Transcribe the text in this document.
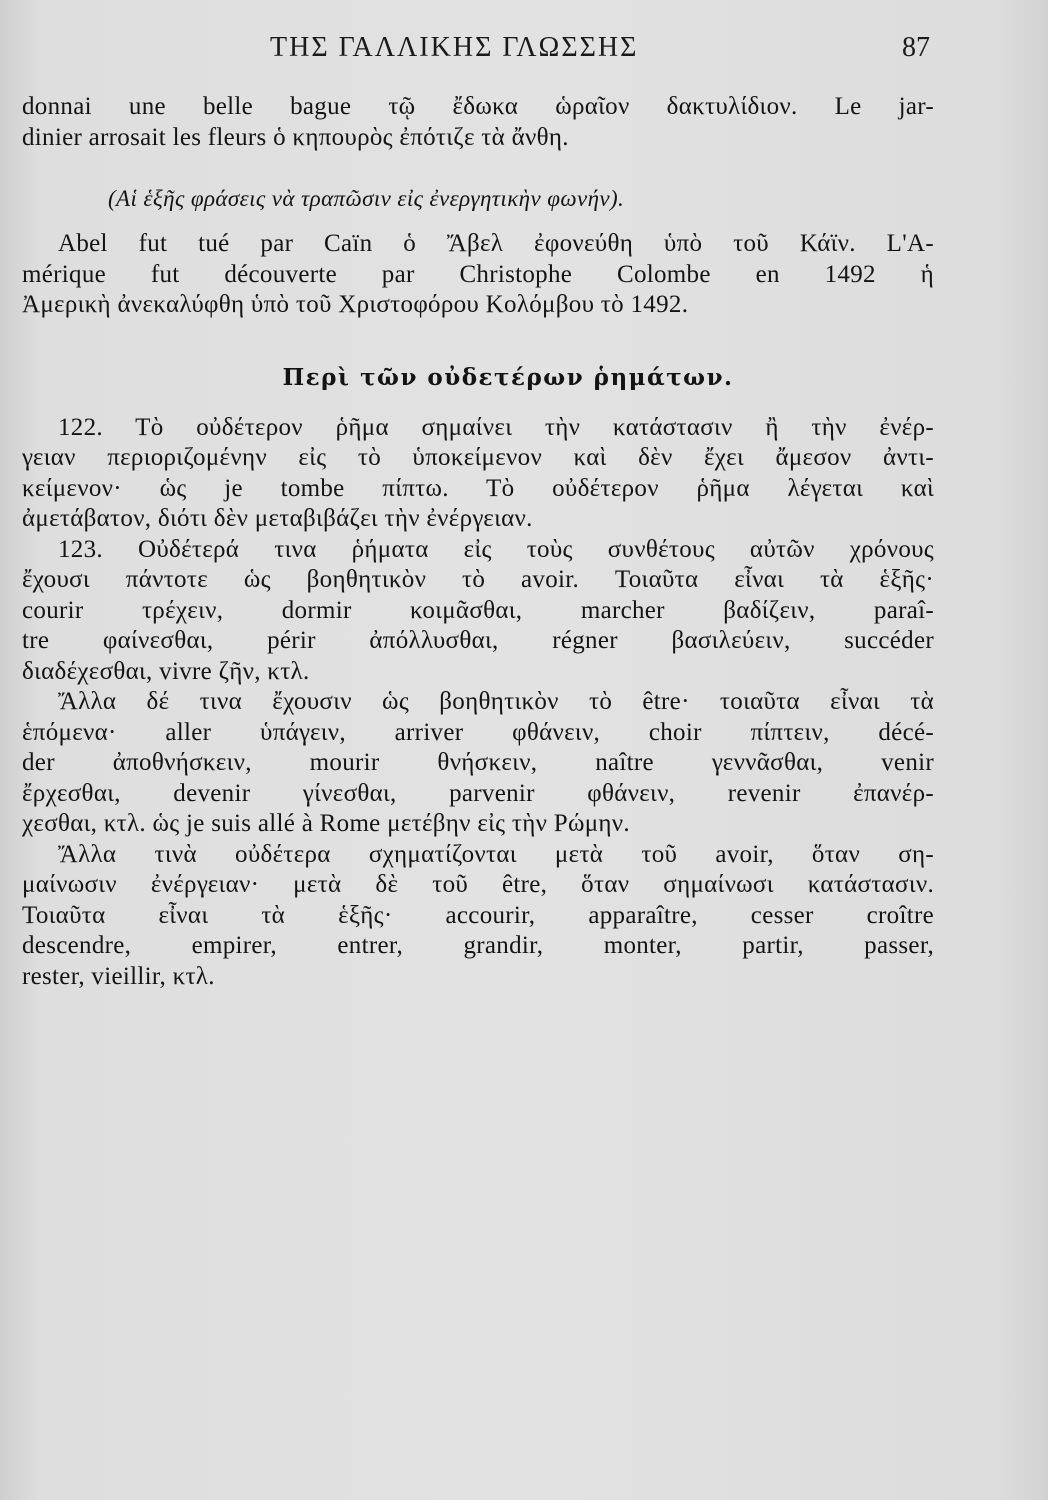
ΤΗΣ ΓΑΛΛΙΚΗΣ ΓΛΩΣΣΗΣ	87
donnai une belle bague τῷ ἔδωκα ὡραῖον δακτυλίδιον. Le jar-
dinier arrosait les fleurs ὁ κηπουρὸς ἐπότιζε τὰ ἄνθη.
(Αἱ ἑξῆς φράσεις νὰ τραπῶσιν εἰς ἐνεργητικὴν φωνήν).
Abel fut tué par Caïn ὁ Ἄβελ ἐφονεύθη ὑπὸ τοῦ Κάϊν. L'A-
mérique fut découverte par Christophe Colombe en 1492 ἡ
Ἀμερικὴ ἀνεκαλύφθη ὑπὸ τοῦ Χριστοφόρου Κολόμβου τὸ 1492.
Περὶ τῶν οὐδετέρων ῥημάτων.
122. Τὸ οὐδέτερον ῥῆμα σημαίνει τὴν κατάστασιν ἢ τὴν ἐνέρ-
γειαν περιοριζομένην εἰς τὸ ὑποκείμενον καὶ δὲν ἔχει ἄμεσον ἀντι-
κείμενον· ὡς je tombe πίπτω. Τὸ οὐδέτερον ῥῆμα λέγεται καὶ
ἀμετάβατον, διότι δὲν μεταβιβάζει τὴν ἐνέργειαν.
123. Οὐδέτερά τινα ῥήματα εἰς τοὺς συνθέτους αὐτῶν χρόνους
ἔχουσι πάντοτε ὡς βοηθητικὸν τὸ avoir. Τοιαῦτα εἶναι τὰ ἑξῆς·
courir τρέχειν, dormir κοιμᾶσθαι, marcher βαδίζειν, paraî-
tre φαίνεσθαι, périr ἀπόλλυσθαι, régner βασιλεύειν, succéder
διαδέχεσθαι, vivre ζῆν, κτλ.
Ἄλλα δέ τινα ἔχουσιν ὡς βοηθητικὸν τὸ être· τοιαῦτα εἶναι τὰ
ἑπόμενα· aller ὑπάγειν, arriver φθάνειν, choir πίπτειν, décé-
der ἀποθνήσκειν, mourir θνήσκειν, naître γεννᾶσθαι, venir
ἔρχεσθαι, devenir γίνεσθαι, parvenir φθάνειν, revenir ἐπανέρ-
χεσθαι, κτλ. ὡς je suis allé à Rome μετέβην εἰς τὴν Ρώμην.
Ἄλλα τινὰ οὐδέτερα σχηματίζονται μετὰ τοῦ avoir, ὅταν ση-
μαίνωσιν ἐνέργειαν· μετὰ δὲ τοῦ être, ὅταν σημαίνωσι κατάστασιν.
Τοιαῦτα εἶναι τὰ ἑξῆς· accourir, apparaître, cesser croître
descendre, empirer, entrer, grandir, monter, partir, passer,
rester, vieillir, κτλ.
